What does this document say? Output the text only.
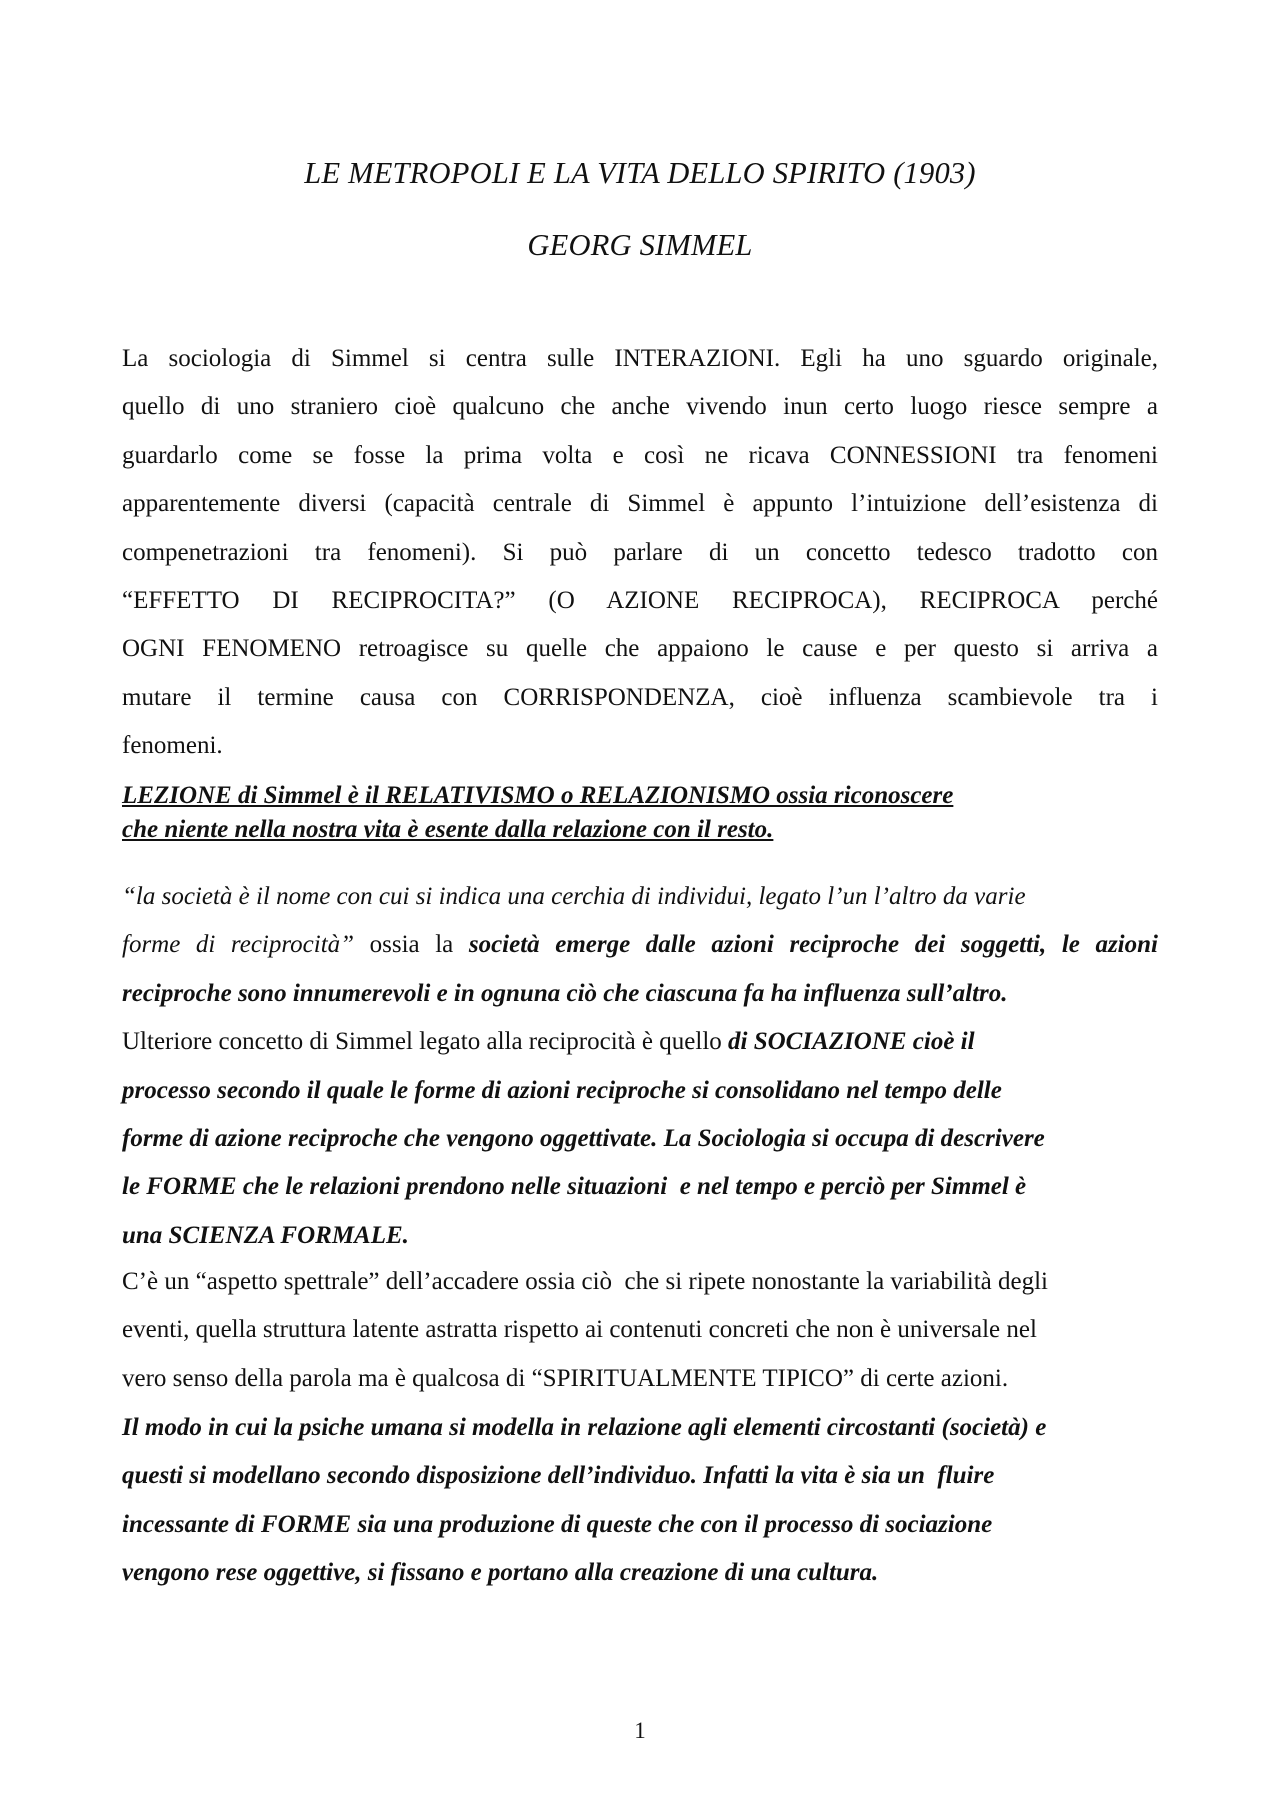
LE METROPOLI E LA VITA DELLO SPIRITO (1903)
GEORG SIMMEL
La sociologia di Simmel si centra sulle INTERAZIONI. Egli ha uno sguardo originale,
quello di uno straniero cioè qualcuno che anche vivendo inun certo luogo riesce sempre a
guardarlo come se fosse la prima volta e così ne ricava CONNESSIONI tra fenomeni
apparentemente diversi (capacità centrale di Simmel è appunto l’intuizione dell’esistenza di
compenetrazioni tra fenomeni). Si può parlare di un concetto tedesco tradotto con
“EFFETTO DI RECIPROCITA?” (O AZIONE RECIPROCA), RECIPROCA perché
OGNI FENOMENO retroagisce su quelle che appaiono le cause e per questo si arriva a
mutare il termine causa con CORRISPONDENZA, cioè influenza scambievole tra i
fenomeni.
LEZIONE di Simmel è il RELATIVISMO o RELAZIONISMO ossia riconoscere
che niente nella nostra vita è esente dalla relazione con il resto.
“la società è il nome con cui si indica una cerchia di individui, legato l’un l’altro da varie
forme di reciprocità” ossia la società emerge dalle azioni reciproche dei soggetti, le azioni
reciproche sono innumerevoli e in ognuna ciò che ciascuna fa ha influenza sull’altro.
Ulteriore concetto di Simmel legato alla reciprocità è quello di SOCIAZIONE cioè il
processo secondo il quale le forme di azioni reciproche si consolidano nel tempo delle
forme di azione reciproche che vengono oggettivate. La Sociologia si occupa di descrivere
le FORME che le relazioni prendono nelle situazioni  e nel tempo e perciò per Simmel è
una SCIENZA FORMALE.
C’è un “aspetto spettrale” dell’accadere ossia ciò  che si ripete nonostante la variabilità degli
eventi, quella struttura latente astratta rispetto ai contenuti concreti che non è universale nel
vero senso della parola ma è qualcosa di “SPIRITUALMENTE TIPICO” di certe azioni.
Il modo in cui la psiche umana si modella in relazione agli elementi circostanti (società) e
questi si modellano secondo disposizione dell’individuo. Infatti la vita è sia un  fluire
incessante di FORME sia una produzione di queste che con il processo di sociazione
vengono rese oggettive, si fissano e portano alla creazione di una cultura.
1
